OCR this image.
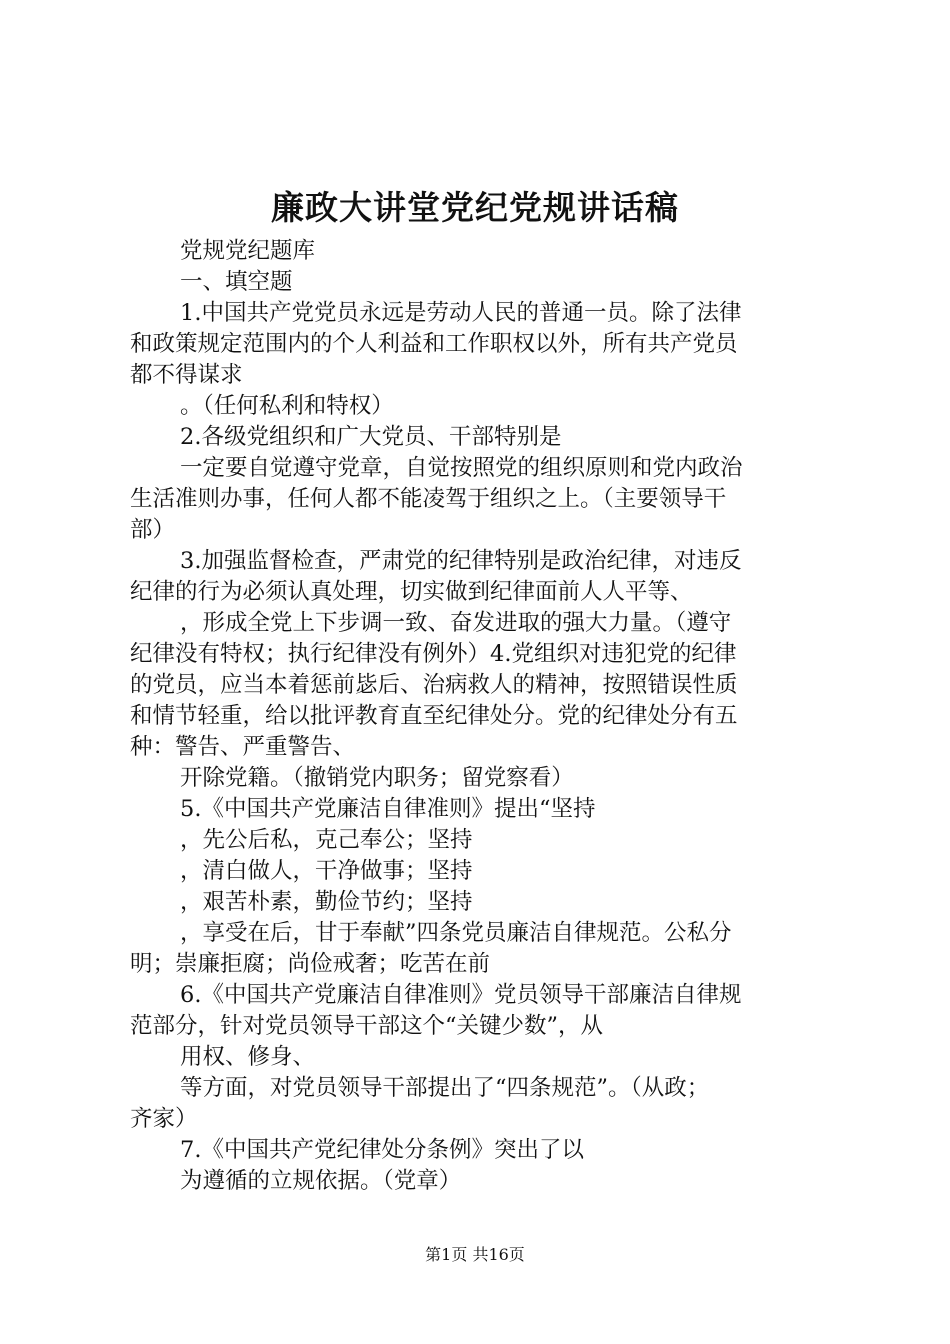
廉政大讲堂党纪党规讲话稿
党规党纪题库
一、填空题
1.中国共产党党员永远是劳动人民的普通一员。除了法律
和政策规定范围内的个人利益和工作职权以外，所有共产党员
都不得谋求
。（任何私利和特权）
2.各级党组织和广大党员、干部特别是
一定要自觉遵守党章，自觉按照党的组织原则和党内政治
生活准则办事，任何人都不能凌驾于组织之上。（主要领导干
部）
3.加强监督检查，严肃党的纪律特别是政治纪律，对违反
纪律的行为必须认真处理，切实做到纪律面前人人平等、
，形成全党上下步调一致、奋发进取的强大力量。（遵守
纪律没有特权；执行纪律没有例外）4.党组织对违犯党的纪律
的党员，应当本着惩前毖后、治病救人的精神，按照错误性质
和情节轻重，给以批评教育直至纪律处分。党的纪律处分有五
种：警告、严重警告、
开除党籍。（撤销党内职务；留党察看）
5.《中国共产党廉洁自律准则》提出“坚持
，先公后私，克己奉公；坚持
，清白做人，干净做事；坚持
，艰苦朴素，勤俭节约；坚持
，享受在后，甘于奉献”四条党员廉洁自律规范。公私分
明；崇廉拒腐；尚俭戒奢；吃苦在前
6.《中国共产党廉洁自律准则》党员领导干部廉洁自律规
范部分，针对党员领导干部这个“关键少数”，从
用权、修身、
等方面，对党员领导干部提出了“四条规范”。（从政；
齐家）
7.《中国共产党纪律处分条例》突出了以
为遵循的立规依据。（党章）
第1页 共16页
